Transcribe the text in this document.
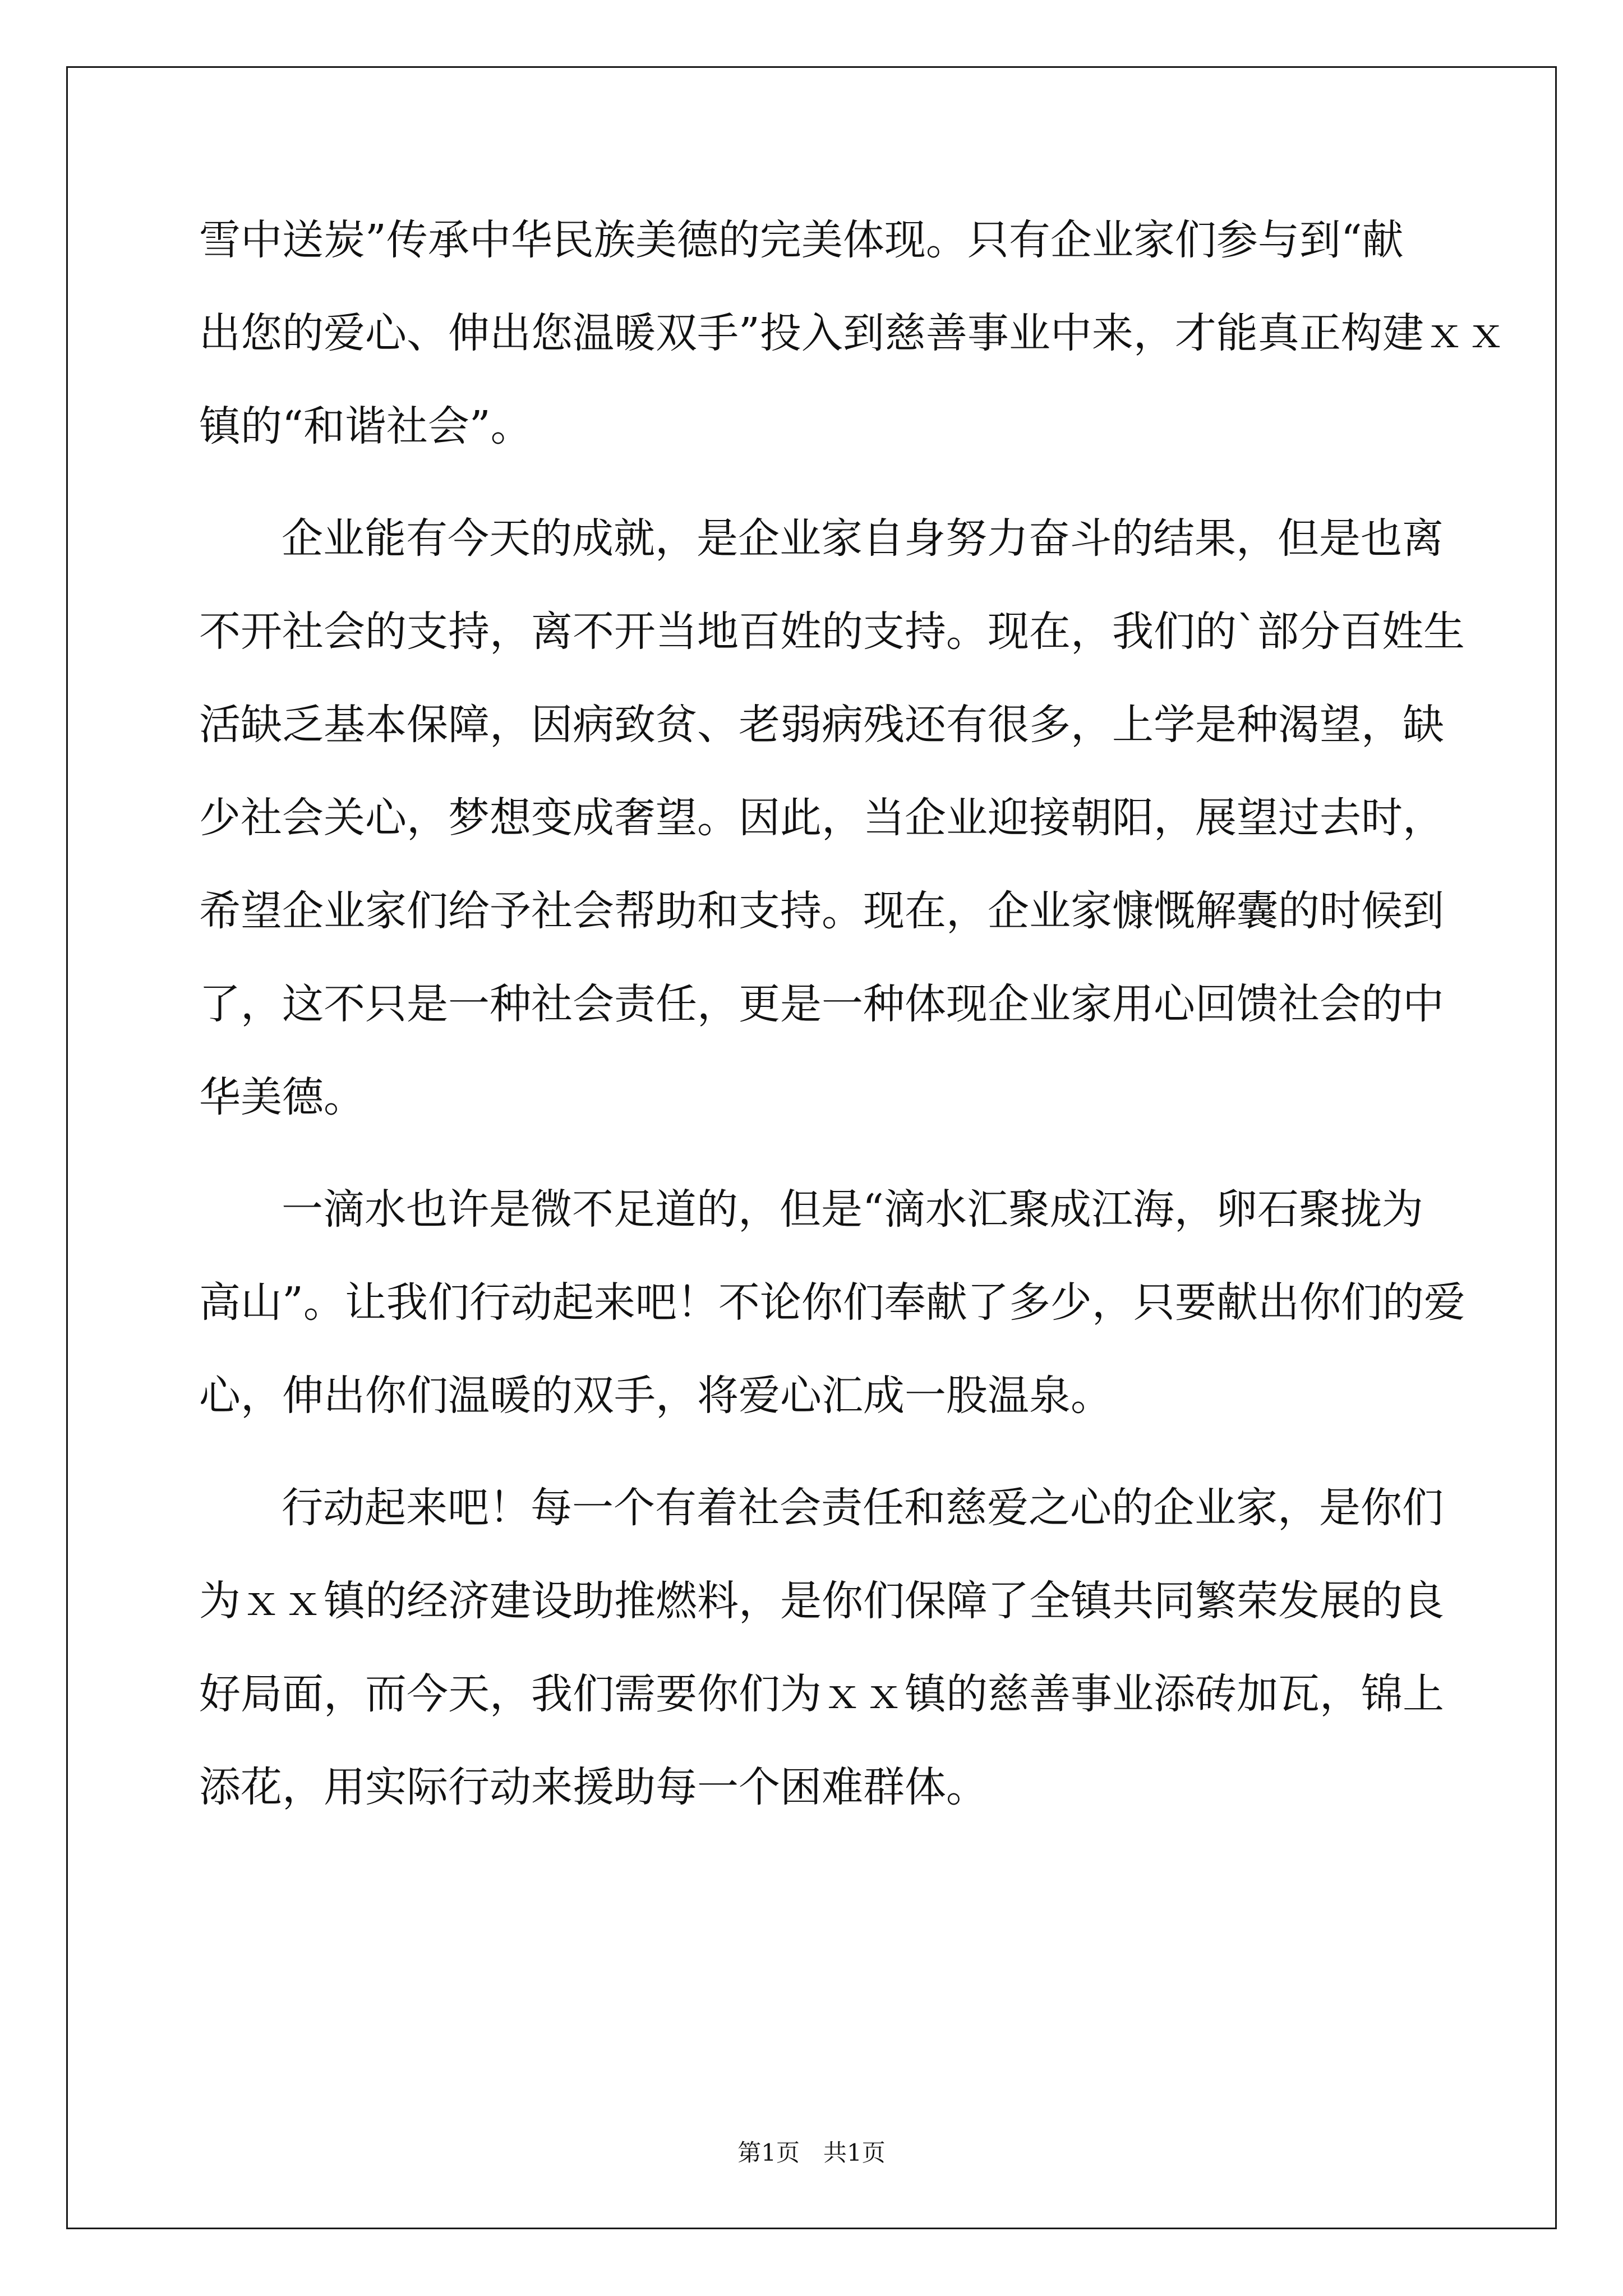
雪中送炭”传承中华民族美德的完美体现。只有企业家们参与到“献
出您的爱心、伸出您温暖双手”投入到慈善事业中来，才能真正构建ｘｘ
镇的“和谐社会”。
企业能有今天的成就，是企业家自身努力奋斗的结果，但是也离
不开社会的支持，离不开当地百姓的支持。现在，我们的`部分百姓生
活缺乏基本保障，因病致贫、老弱病残还有很多，上学是种渴望，缺
少社会关心，梦想变成奢望。因此，当企业迎接朝阳，展望过去时，
希望企业家们给予社会帮助和支持。现在，企业家慷慨解囊的时候到
了，这不只是一种社会责任，更是一种体现企业家用心回馈社会的中
华美德。
一滴水也许是微不足道的，但是“滴水汇聚成江海，卵石聚拢为
高山”。让我们行动起来吧！不论你们奉献了多少，只要献出你们的爱
心，伸出你们温暖的双手，将爱心汇成一股温泉。
行动起来吧！每一个有着社会责任和慈爱之心的企业家，是你们
为ｘｘ镇的经济建设助推燃料，是你们保障了全镇共同繁荣发展的良
好局面，而今天，我们需要你们为ｘｘ镇的慈善事业添砖加瓦，锦上
添花，用实际行动来援助每一个困难群体。
第1页　共1页
